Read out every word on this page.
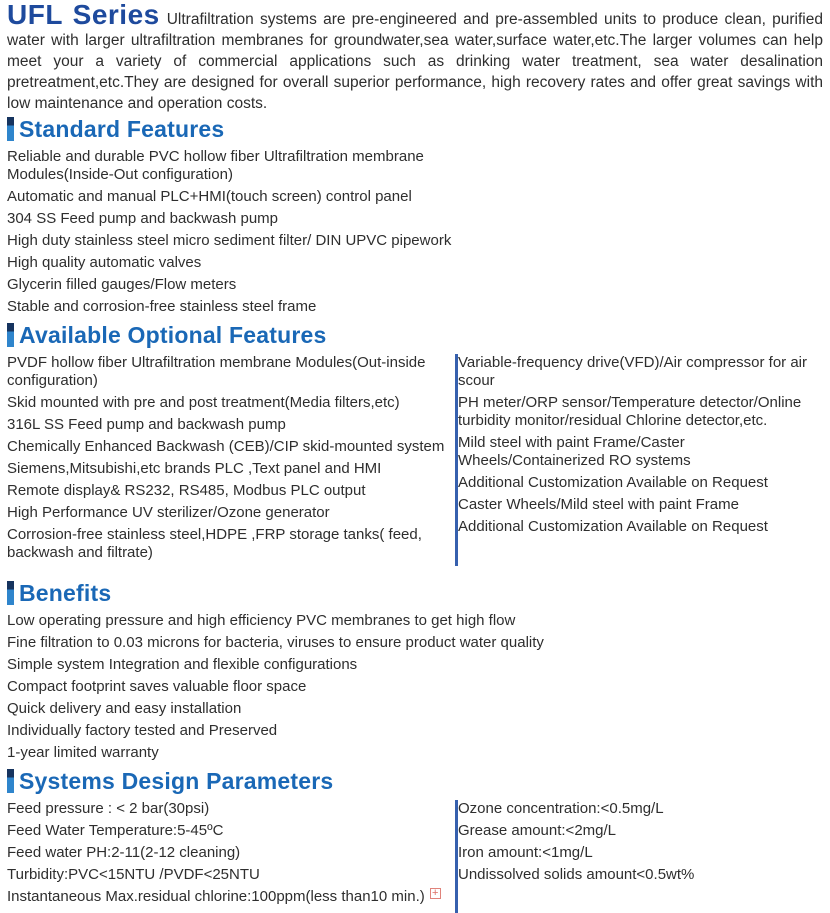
UFL Series Ultrafiltration systems are pre-engineered and pre-assembled units to produce clean, purified water with larger ultrafiltration membranes for groundwater,sea water,surface water,etc.The larger volumes can help meet your a variety of commercial applications such as drinking water treatment, sea water desalination pretreatment,etc.They are designed for overall superior performance, high recovery rates and offer great savings with low maintenance and operation costs.

Standard Features
Reliable and durable PVC hollow fiber Ultrafiltration membrane Modules(Inside-Out configuration)
Automatic and manual PLC+HMI(touch screen) control panel
304 SS Feed pump and backwash pump
High duty stainless steel micro sediment filter/ DIN UPVC pipework
High quality automatic valves
Glycerin filled gauges/Flow meters
Stable and corrosion-free stainless steel frame
Available Optional Features
PVDF hollow fiber Ultrafiltration membrane Modules(Out-inside configuration)
Skid mounted with pre and post treatment(Media filters,etc)
316L SS Feed pump and backwash pump
Chemically Enhanced Backwash (CEB)/CIP skid-mounted system
Siemens,Mitsubishi,etc brands PLC ,Text panel and HMI
Remote display& RS232, RS485, Modbus PLC output
High Performance UV sterilizer/Ozone generator
Corrosion-free stainless steel,HDPE ,FRP storage tanks( feed, backwash and filtrate)
Variable-frequency drive(VFD)/Air compressor for air scour
PH meter/ORP sensor/Temperature detector/Online turbidity monitor/residual Chlorine detector,etc.
Mild steel with paint Frame/Caster Wheels/Containerized RO systems
Additional Customization Available on Request
Caster Wheels/Mild steel with paint Frame
Additional Customization Available on Request
Benefits
Low operating pressure and high efficiency PVC membranes to get high flow
Fine filtration to 0.03 microns for bacteria, viruses to ensure product water quality
Simple system Integration and flexible configurations
Compact footprint saves valuable floor space
Quick delivery and easy installation
Individually factory tested and Preserved
1-year limited warranty
Systems Design Parameters
Feed pressure : < 2 bar(30psi)
Feed Water Temperature:5-45ºC
Feed water PH:2-11(2-12 cleaning)
Turbidity:PVC<15NTU /PVDF<25NTU
Instantaneous Max.residual chlorine:100ppm(less than10 min.) +
Ozone concentration:<0.5mg/L
Grease amount:<2mg/L
Iron amount:<1mg/L
Undissolved solids amount<0.5wt%
